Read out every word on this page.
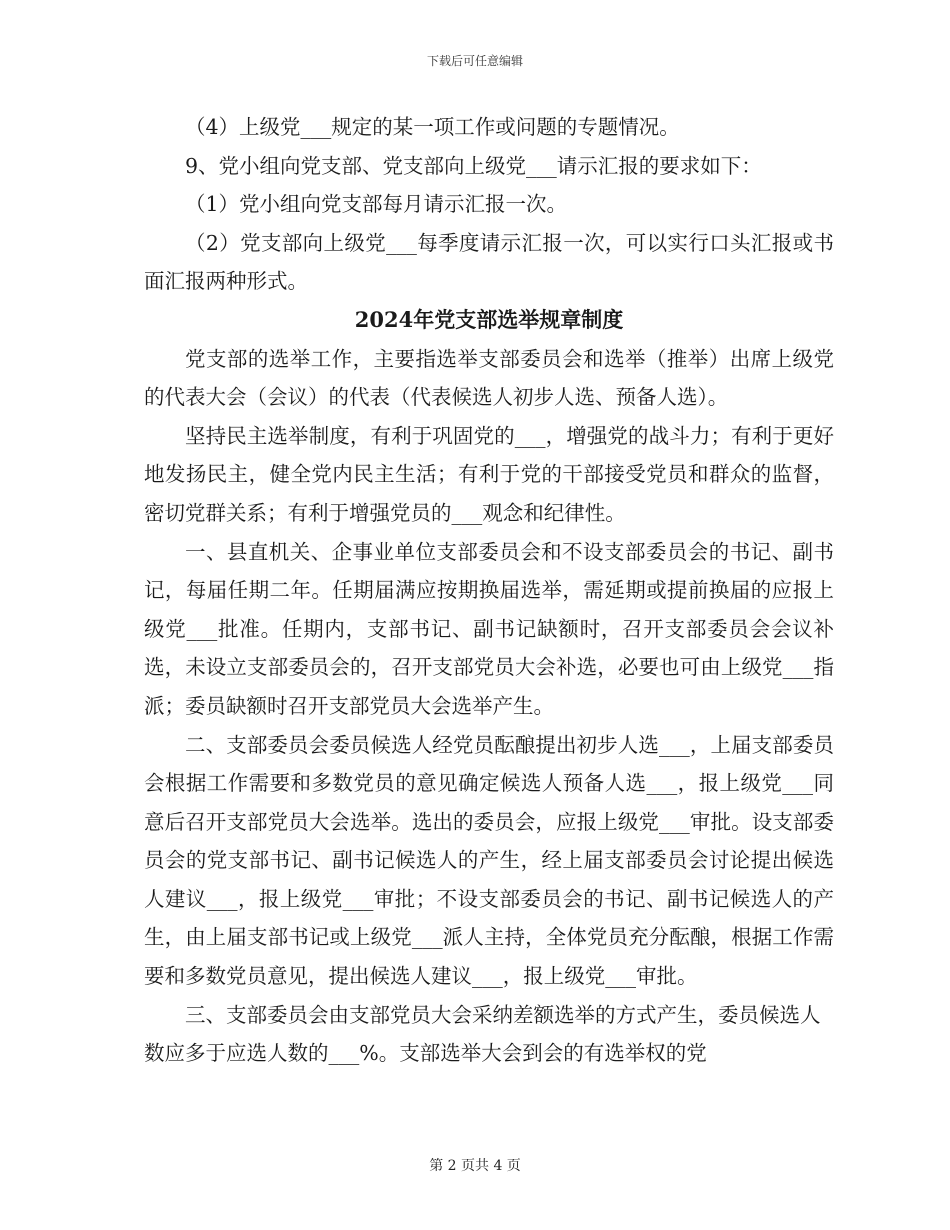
下载后可任意编辑

（4）上级党___规定的某一项工作或问题的专题情况。

9、党小组向党支部、党支部向上级党___请示汇报的要求如下：

（1）党小组向党支部每月请示汇报一次。

（2）党支部向上级党___每季度请示汇报一次，可以实行口头汇报或书面汇报两种形式。

2024年党支部选举规章制度

党支部的选举工作，主要指选举支部委员会和选举（推举）出席上级党的代表大会（会议）的代表（代表候选人初步人选、预备人选）。

坚持民主选举制度，有利于巩固党的___，增强党的战斗力；有利于更好地发扬民主，健全党内民主生活；有利于党的干部接受党员和群众的监督，密切党群关系；有利于增强党员的___观念和纪律性。

一、县直机关、企事业单位支部委员会和不设支部委员会的书记、副书记，每届任期二年。任期届满应按期换届选举，需延期或提前换届的应报上级党___批准。任期内，支部书记、副书记缺额时，召开支部委员会会议补选，未设立支部委员会的，召开支部党员大会补选，必要也可由上级党___指派；委员缺额时召开支部党员大会选举产生。

二、支部委员会委员候选人经党员酝酿提出初步人选___，上届支部委员会根据工作需要和多数党员的意见确定候选人预备人选___，报上级党___同意后召开支部党员大会选举。选出的委员会，应报上级党___审批。设支部委员会的党支部书记、副书记候选人的产生，经上届支部委员会讨论提出候选人建议___，报上级党___审批；不设支部委员会的书记、副书记候选人的产生，由上届支部书记或上级党___派人主持，全体党员充分酝酿，根据工作需要和多数党员意见，提出候选人建议___，报上级党___审批。

三、支部委员会由支部党员大会采纳差额选举的方式产生，委员候选人数应多于应选人数的___%。支部选举大会到会的有选举权的党

第 2 页共 4 页
